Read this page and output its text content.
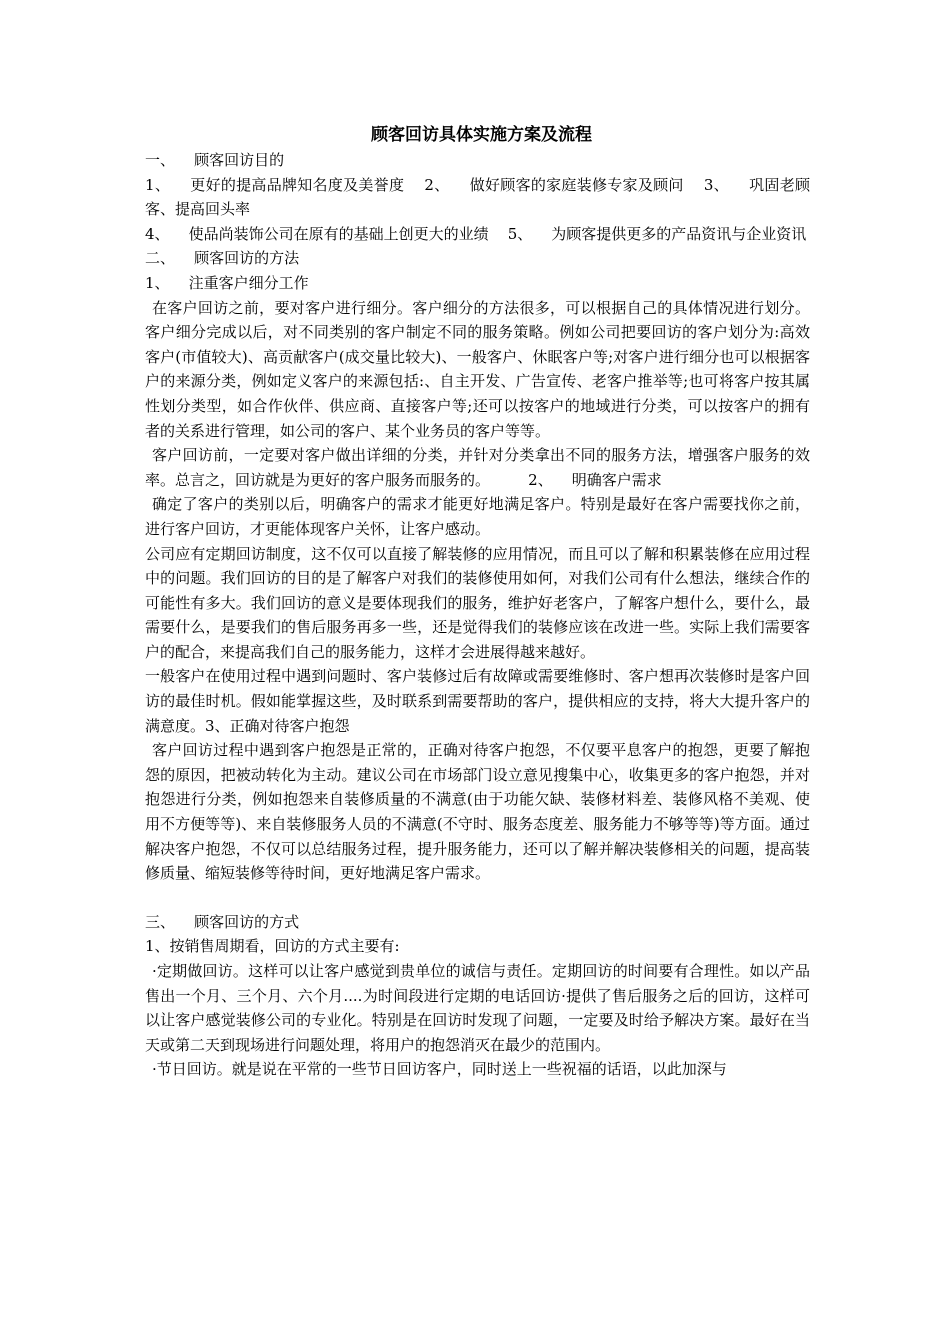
顾客回访具体实施方案及流程

一、    顾客回访目的

1、    更好的提高品牌知名度及美誉度    2、    做好顾客的家庭装修专家及顾问    3、    巩固老顾客、提高回头率

4、    使品尚装饰公司在原有的基础上创更大的业绩    5、    为顾客提供更多的产品资讯与企业资讯

二、    顾客回访的方法

1、    注重客户细分工作

在客户回访之前，要对客户进行细分。客户细分的方法很多，可以根据自己的具体情况进行划分。客户细分完成以后，对不同类别的客户制定不同的服务策略。例如公司把要回访的客户划分为:高效客户(市值较大)、高贡献客户(成交量比较大)、一般客户、休眠客户等;对客户进行细分也可以根据客户的来源分类，例如定义客户的来源包括:、自主开发、广告宣传、老客户推举等;也可将客户按其属性划分类型，如合作伙伴、供应商、直接客户等;还可以按客户的地域进行分类，可以按客户的拥有者的关系进行管理，如公司的客户、某个业务员的客户等等。

客户回访前，一定要对客户做出详细的分类，并针对分类拿出不同的服务方法，增强客户服务的效率。总言之，回访就是为更好的客户服务而服务的。        2、    明确客户需求

确定了客户的类别以后，明确客户的需求才能更好地满足客户。特别是最好在客户需要找你之前，进行客户回访，才更能体现客户关怀，让客户感动。

公司应有定期回访制度，这不仅可以直接了解装修的应用情况，而且可以了解和积累装修在应用过程中的问题。我们回访的目的是了解客户对我们的装修使用如何，对我们公司有什么想法，继续合作的可能性有多大。我们回访的意义是要体现我们的服务，维护好老客户，了解客户想什么，要什么，最需要什么，是要我们的售后服务再多一些，还是觉得我们的装修应该在改进一些。实际上我们需要客户的配合，来提高我们自己的服务能力，这样才会进展得越来越好。

一般客户在使用过程中遇到问题时、客户装修过后有故障或需要维修时、客户想再次装修时是客户回访的最佳时机。假如能掌握这些，及时联系到需要帮助的客户，提供相应的支持，将大大提升客户的满意度。3、正确对待客户抱怨

客户回访过程中遇到客户抱怨是正常的，正确对待客户抱怨，不仅要平息客户的抱怨，更要了解抱怨的原因，把被动转化为主动。建议公司在市场部门设立意见搜集中心，收集更多的客户抱怨，并对抱怨进行分类，例如抱怨来自装修质量的不满意(由于功能欠缺、装修材料差、装修风格不美观、使用不方便等等)、来自装修服务人员的不满意(不守时、服务态度差、服务能力不够等等)等方面。通过解决客户抱怨，不仅可以总结服务过程，提升服务能力，还可以了解并解决装修相关的问题，提高装修质量、缩短装修等待时间，更好地满足客户需求。

三、    顾客回访的方式

1、按销售周期看，回访的方式主要有:

·定期做回访。这样可以让客户感觉到贵单位的诚信与责任。定期回访的时间要有合理性。如以产品售出一个月、三个月、六个月....为时间段进行定期的电话回访·提供了售后服务之后的回访，这样可以让客户感觉装修公司的专业化。特别是在回访时发现了问题，一定要及时给予解决方案。最好在当天或第二天到现场进行问题处理，将用户的抱怨消灭在最少的范围内。

·节日回访。就是说在平常的一些节日回访客户，同时送上一些祝福的话语，以此加深与
